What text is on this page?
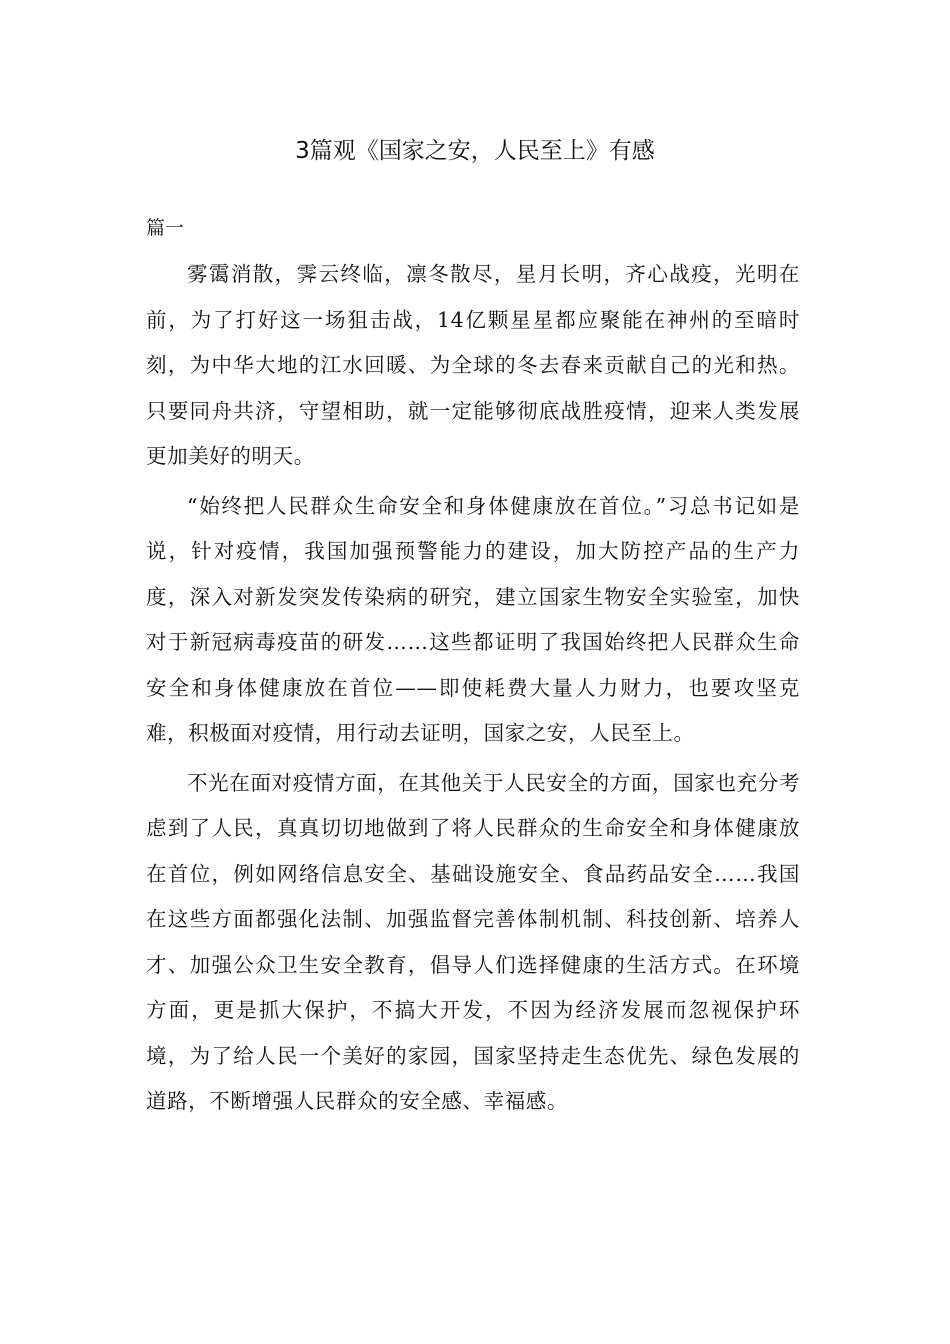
3篇观《国家之安，人民至上》有感
篇一

雾霭消散，霁云终临，凛冬散尽，星月长明，齐心战疫，光明在前，为了打好这一场狙击战，14亿颗星星都应聚能在神州的至暗时刻，为中华大地的江水回暖、为全球的冬去春来贡献自己的光和热。只要同舟共济，守望相助，就一定能够彻底战胜疫情，迎来人类发展更加美好的明天。

“始终把人民群众生命安全和身体健康放在首位。”习总书记如是说，针对疫情，我国加强预警能力的建设，加大防控产品的生产力度，深入对新发突发传染病的研究，建立国家生物安全实验室，加快对于新冠病毒疫苗的研发……这些都证明了我国始终把人民群众生命安全和身体健康放在首位——即使耗费大量人力财力，也要攻坚克难，积极面对疫情，用行动去证明，国家之安，人民至上。

不光在面对疫情方面，在其他关于人民安全的方面，国家也充分考虑到了人民，真真切切地做到了将人民群众的生命安全和身体健康放在首位，例如网络信息安全、基础设施安全、食品药品安全……我国在这些方面都强化法制、加强监督完善体制机制、科技创新、培养人才、加强公众卫生安全教育，倡导人们选择健康的生活方式。在环境方面，更是抓大保护，不搞大开发，不因为经济发展而忽视保护环境，为了给人民一个美好的家园，国家坚持走生态优先、绿色发展的道路，不断增强人民群众的安全感、幸福感。
